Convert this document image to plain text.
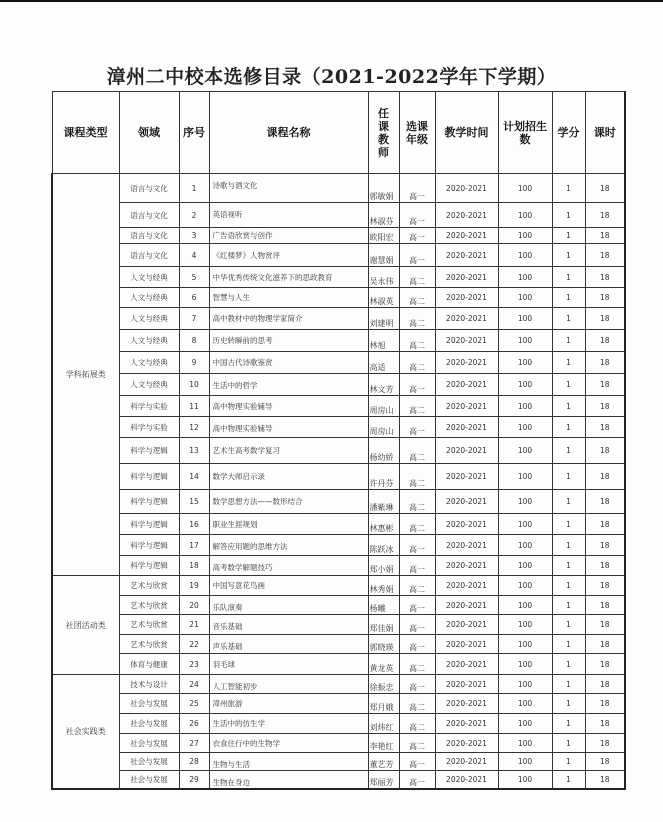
漳州二中校本选修目录（2021-2022学年下学期）
课程类型	领域	序号	课程名称	任课教师	选课年级	教学时间	计划招生数	学分	课时
学科拓展类	语言与文化	1	诗歌与酒文化	郭敏娟	高一	2020-2021	100	1	18
	语言与文化	2	英语视听	林淑芬	高一	2020-2021	100	1	18
	语言与文化	3	广告语欣赏与创作	欧阳宏	高一	2020-2021	100	1	18
	语言与文化	4	《红楼梦》人物赏评	谢慧娟	高一	2020-2021	100	1	18
	人文与经典	5	中华优秀传统文化滋养下的思政教育	吴永伟	高二	2020-2021	100	1	18
	人文与经典	6	智慧与人生	林淑英	高二	2020-2021	100	1	18
	人文与经典	7	高中教材中的物理学家简介	刘建明	高二	2020-2021	100	1	18
	人文与经典	8	历史转瞬前的思考	林旭	高二	2020-2021	100	1	18
	人文与经典	9	中国古代诗歌鉴赏	高适	高二	2020-2021	100	1	18
	人文与经典	10	生活中的哲学	林文芳	高一	2020-2021	100	1	18
	科学与实验	11	高中物理实验辅导	周房山	高二	2020-2021	100	1	18
	科学与实验	12	高中物理实验辅导	周房山	高一	2020-2021	100	1	18
	科学与逻辑	13	艺术生高考数学复习	杨幼娇	高二	2020-2021	100	1	18
	科学与逻辑	14	数学大师启示录	许丹芬	高二	2020-2021	100	1	18
	科学与逻辑	15	数学思想方法——数形结合	潘紫琳	高二	2020-2021	100	1	18
	科学与逻辑	16	职业生涯规划	林惠彬	高二	2020-2021	100	1	18
	科学与逻辑	17	解答应用题的思维方法	陈跃冰	高一	2020-2021	100	1	18
	科学与逻辑	18	高考数学解题技巧	郑小娟	高一	2020-2021	100	1	18
社团活动类	艺术与欣赏	19	中国写意花鸟画	林秀娟	高二	2020-2021	100	1	18
	艺术与欣赏	20	乐队演奏	杨曦	高一	2020-2021	100	1	18
	艺术与欣赏	21	音乐基础	郑佳娟	高一	2020-2021	100	1	18
	艺术与欣赏	22	声乐基础	郭晓瑛	高一	2020-2021	100	1	18
	体育与健康	23	羽毛球	黄龙英	高二	2020-2021	100	1	18
社会实践类	技术与设计	24	人工智能初步	徐振忠	高一	2020-2021	100	1	18
	社会与发展	25	漳州旅游	郑月娥	高二	2020-2021	100	1	18
	社会与发展	26	生活中的仿生学	刘炜红	高二	2020-2021	100	1	18
	社会与发展	27	衣食住行中的生物学	李艳红	高二	2020-2021	100	1	18
	社会与发展	28	生物与生活	董艺芳	高一	2020-2021	100	1	18
	社会与发展	29	生物在身边	郑丽芳	高一	2020-2021	100	1	18
